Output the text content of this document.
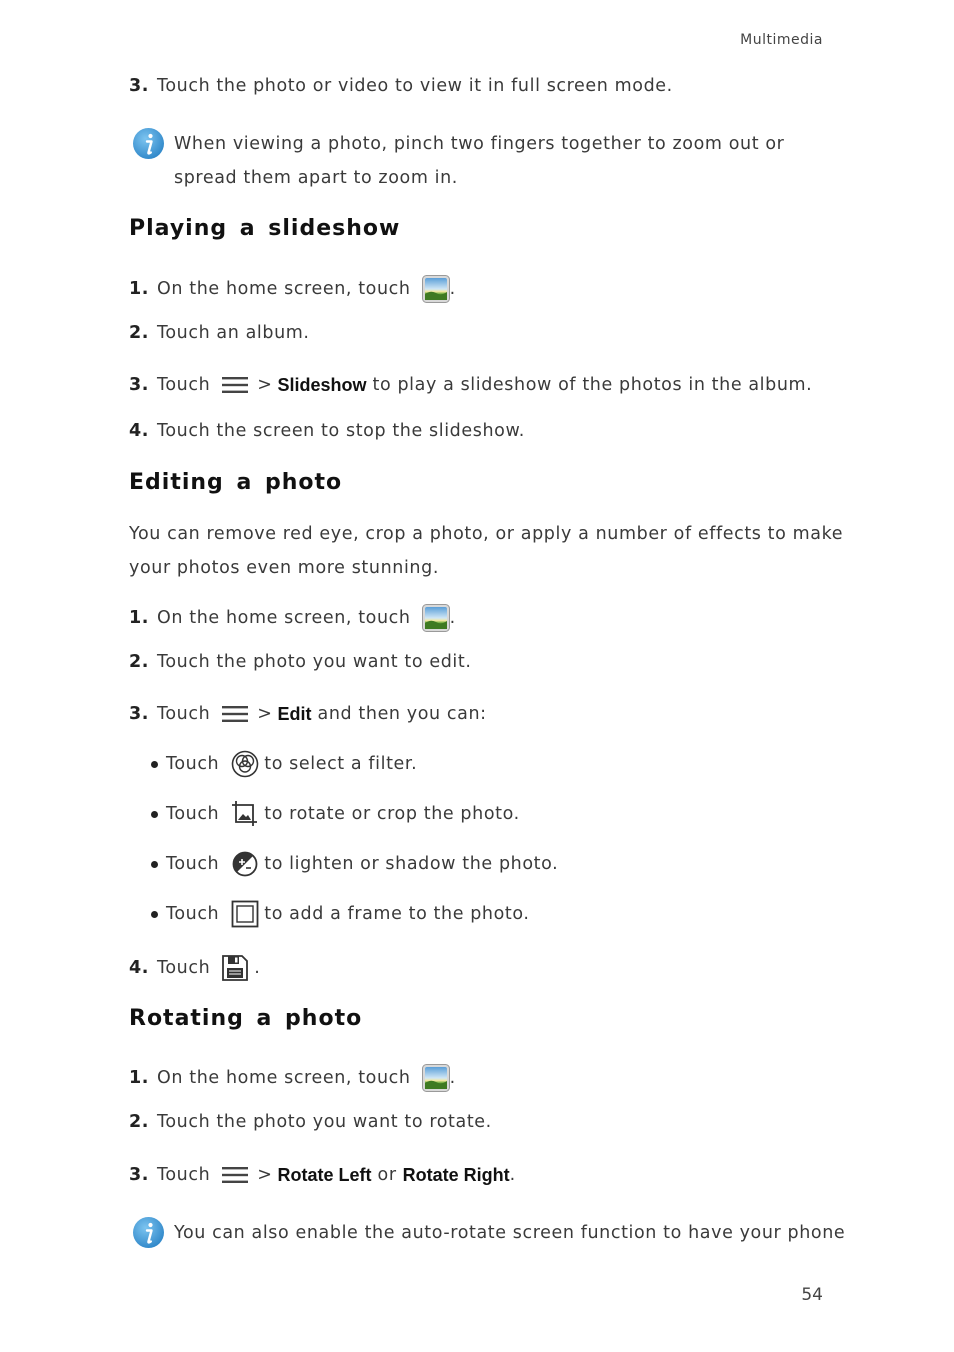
Multimedia
3. Touch the photo or video to view it in full screen mode.
When viewing a photo, pinch two fingers together to zoom out or
spread them apart to zoom in.
Playing a slideshow
1. On the home screen, touch .
2. Touch an album.
3. Touch	> Slideshow to play a slideshow of the photos in the album.
4. Touch the screen to stop the slideshow.
Editing a photo
You can remove red eye, crop a photo, or apply a number of effects to make
your photos even more stunning.
1. On the home screen, touch .
2. Touch the photo you want to edit.
3. Touch	> Edit and then you can:
Touch	to select a filter.
Touch	to rotate or crop the photo.
Touch	to lighten or shadow the photo.
Touch	to add a frame to the photo.
4. Touch	.
Rotating a photo
1. On the home screen, touch .
2. Touch the photo you want to rotate.
3. Touch	> Rotate Left or Rotate Right .
You can also enable the auto-rotate screen function to have your phone
54
